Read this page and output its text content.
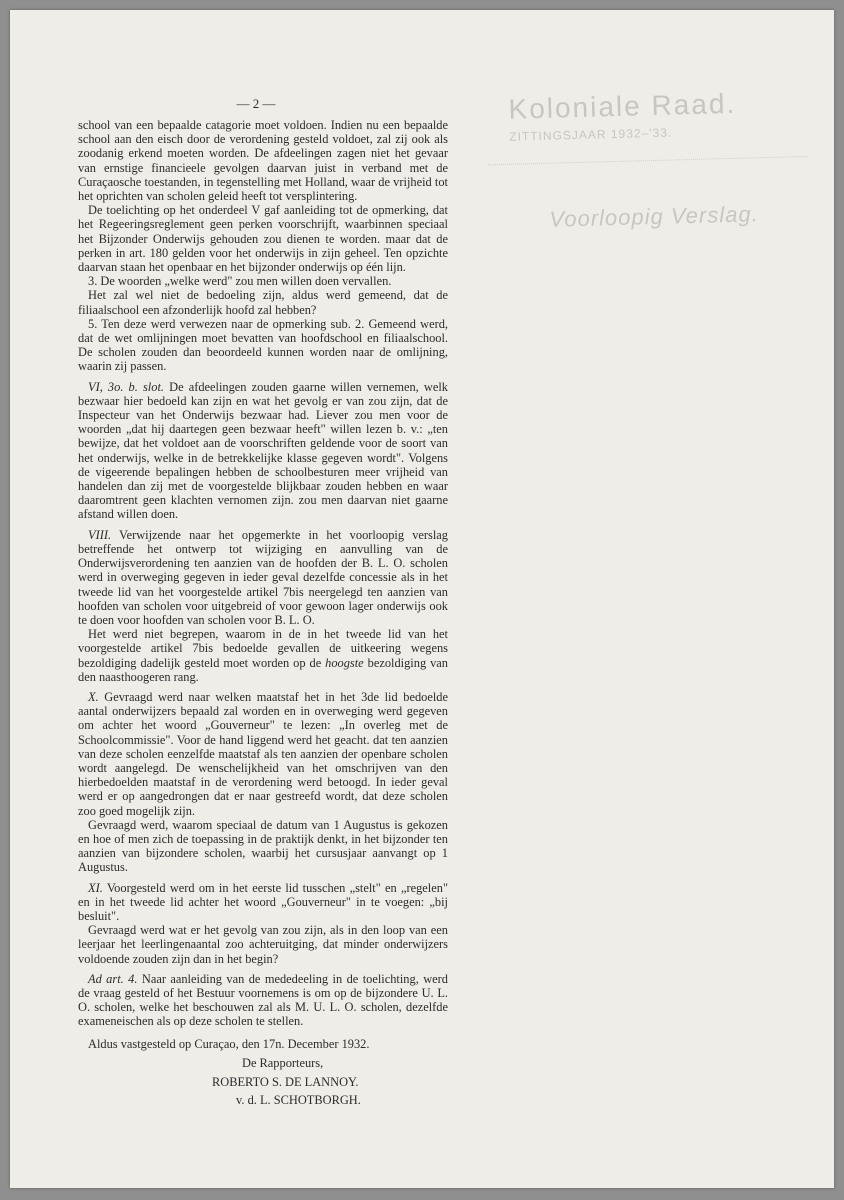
— 2 —	Koloniale Raad.
ZITTINGSJAAR 1932–'33.
Voorloopig Verslag.

school van een bepaalde catagorie moet voldoen. Indien nu een bepaalde school aan den eisch door de verordening gesteld voldoet, zal zij ook als zoodanig erkend moeten worden. De afdeelingen zagen niet het gevaar van ernstige financieele gevolgen daarvan juist in verband met de Curaçaosche toestanden, in tegenstelling met Holland, waar de vrijheid tot het oprichten van scholen geleid heeft tot versplintering.

De toelichting op het onderdeel V gaf aanleiding tot de opmerking, dat het Regeeringsreglement geen perken voorschrijft, waarbinnen speciaal het Bijzonder Onderwijs gehouden zou dienen te worden. maar dat de perken in art. 180 gelden voor het onderwijs in zijn geheel. Ten opzichte daarvan staan het openbaar en het bijzonder onderwijs op één lijn.

3. De woorden „welke werd" zou men willen doen vervallen.

Het zal wel niet de bedoeling zijn, aldus werd gemeend, dat de filiaalschool een afzonderlijk hoofd zal hebben?

5. Ten deze werd verwezen naar de opmerking sub. 2. Gemeend werd, dat de wet omlijningen moet bevatten van hoofdschool en filiaalschool. De scholen zouden dan beoordeeld kunnen worden naar de omlijning, waarin zij passen.

VI, 3o. b. slot. De afdeelingen zouden gaarne willen vernemen, welk bezwaar hier bedoeld kan zijn en wat het gevolg er van zou zijn, dat de Inspecteur van het Onderwijs bezwaar had. Liever zou men voor de woorden „dat hij daartegen geen bezwaar heeft" willen lezen b. v.: „ten bewijze, dat het voldoet aan de voorschriften geldende voor de soort van het onderwijs, welke in de betrekkelijke klasse gegeven wordt". Volgens de vigeerende bepalingen hebben de schoolbesturen meer vrijheid van handelen dan zij met de voorgestelde blijkbaar zouden hebben en waar daaromtrent geen klachten vernomen zijn. zou men daarvan niet gaarne afstand willen doen.

VIII. Verwijzende naar het opgemerkte in het voorloopig verslag betreffende het ontwerp tot wijziging en aanvulling van de Onderwijsverordening ten aanzien van de hoofden der B. L. O. scholen werd in overweging gegeven in ieder geval dezelfde concessie als in het tweede lid van het voorgestelde artikel 7bis neergelegd ten aanzien van hoofden van scholen voor uitgebreid of voor gewoon lager onderwijs ook te doen voor hoofden van scholen voor B. L. O.

Het werd niet begrepen, waarom in de in het tweede lid van het voorgestelde artikel 7bis bedoelde gevallen de uitkeering wegens bezoldiging dadelijk gesteld moet worden op de hoogste bezoldiging van den naasthoogeren rang.

X. Gevraagd werd naar welken maatstaf het in het 3de lid bedoelde aantal onderwijzers bepaald zal worden en in overweging werd gegeven om achter het woord „Gouverneur" te lezen: „In overleg met de Schoolcommissie". Voor de hand liggend werd het geacht. dat ten aanzien van deze scholen eenzelfde maatstaf als ten aanzien der openbare scholen wordt aangelegd. De wenschelijkheid van het omschrijven van den hierbedoelden maatstaf in de verordening werd betoogd. In ieder geval werd er op aangedrongen dat er naar gestreefd wordt, dat deze scholen zoo goed mogelijk zijn.

Gevraagd werd, waarom speciaal de datum van 1 Augustus is gekozen en hoe of men zich de toepassing in de praktijk denkt, in het bijzonder ten aanzien van bijzondere scholen, waarbij het cursusjaar aanvangt op 1 Augustus.

XI. Voorgesteld werd om in het eerste lid tusschen „stelt" en „regelen" en in het tweede lid achter het woord „Gouverneur" in te voegen: „bij besluit".

Gevraagd werd wat er het gevolg van zou zijn, als in den loop van een leerjaar het leerlingenaantal zoo achteruitging, dat minder onderwijzers voldoende zouden zijn dan in het begin?

Ad art. 4. Naar aanleiding van de mededeeling in de toelichting, werd de vraag gesteld of het Bestuur voornemens is om op de bijzondere U. L. O. scholen, welke het beschouwen zal als M. U. L. O. scholen, dezelfde exameneischen als op deze scholen te stellen.

Aldus vastgesteld op Curaçao, den 17n. December 1932.

De Rapporteurs,
ROBERTO S. DE LANNOY.
v. d. L. SCHOTBORGH.
